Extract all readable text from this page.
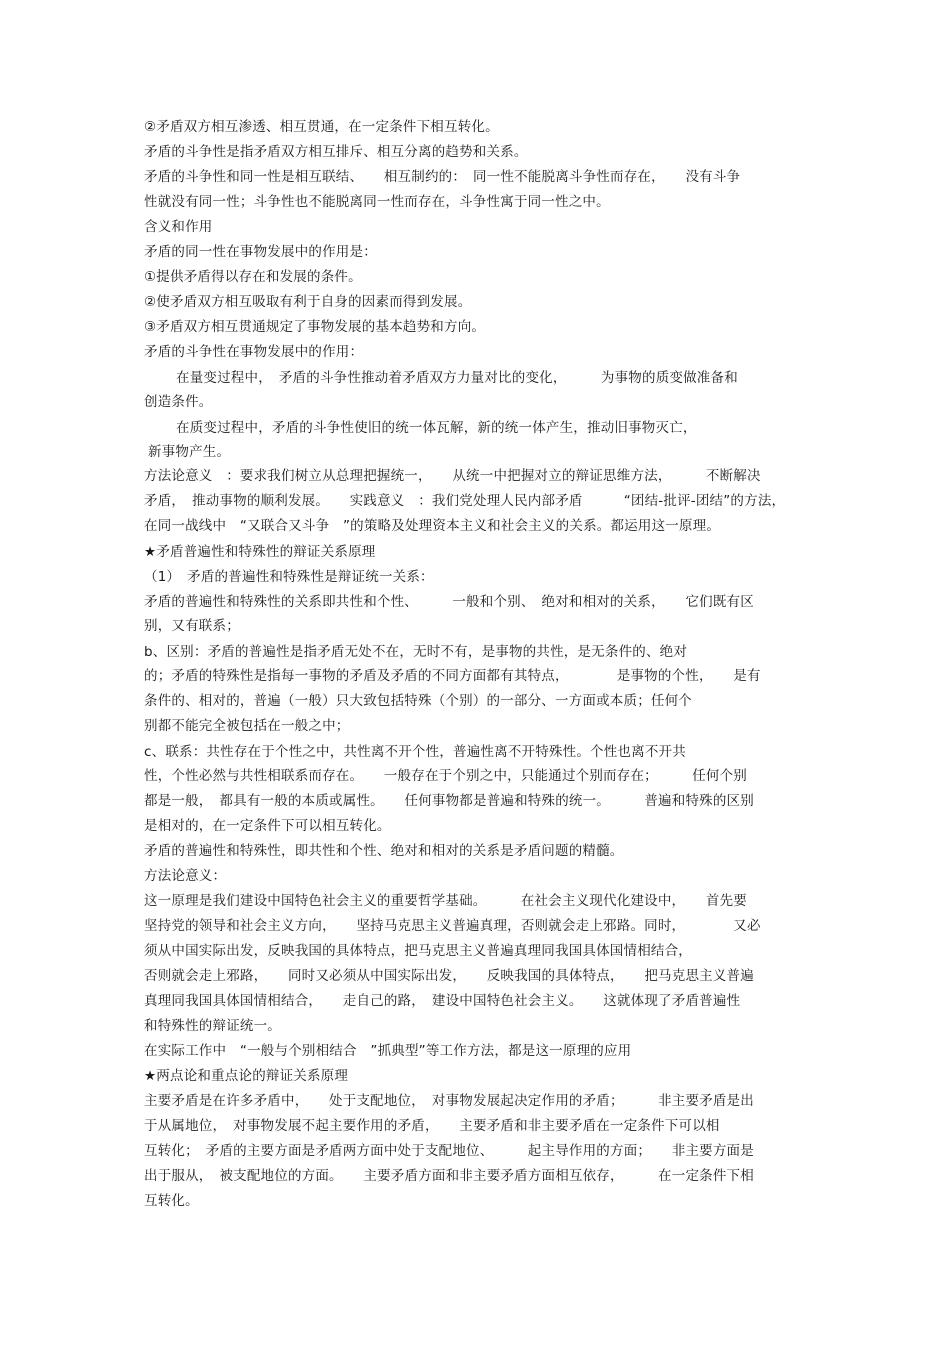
②矛盾双方相互渗透、相互贯通，在一定条件下相互转化。

矛盾的斗争性是指矛盾双方相互排斥、相互分离的趋势和关系。

矛盾的斗争性和同一性是相互联结、　　相互制约的：　同一性不能脱离斗争性而存在，　　没有斗争

性就没有同一性；斗争性也不能脱离同一性而存在，斗争性寓于同一性之中。

含义和作用

矛盾的同一性在事物发展中的作用是：

①提供矛盾得以存在和发展的条件。

②使矛盾双方相互吸取有利于自身的因素而得到发展。

③矛盾双方相互贯通规定了事物发展的基本趋势和方向。

矛盾的斗争性在事物发展中的作用：

在量变过程中，　矛盾的斗争性推动着矛盾双方力量对比的变化，　　　为事物的质变做准备和

创造条件。

在质变过程中，矛盾的斗争性使旧的统一体瓦解，新的统一体产生，推动旧事物灭亡，

新事物产生。

方法论意义　：要求我们树立从总理把握统一，　　从统一中把握对立的辩证思维方法，　　　不断解决

矛盾，　推动事物的顺利发展。　　实践意义　：我们党处理人民内部矛盾　　　“团结-批评-团结”的方法，

在同一战线中　“又联合又斗争　”的策略及处理资本主义和社会主义的关系。都运用这一原理。

★矛盾普遍性和特殊性的辩证关系原理

（1）　矛盾的普遍性和特殊性是辩证统一关系：

矛盾的普遍性和特殊性的关系即共性和个性、　　　一般和个别、　绝对和相对的关系，　　它们既有区

别，又有联系；

b、区别：矛盾的普遍性是指矛盾无处不在，无时不有，是事物的共性，是无条件的、绝对

的；矛盾的特殊性是指每一事物的矛盾及矛盾的不同方面都有其特点，　　　　是事物的个性，　　是有

条件的、相对的，普遍（一般）只大致包括特殊（个别）的一部分、一方面或本质；任何个

别都不能完全被包括在一般之中；

c、联系：共性存在于个性之中，共性离不开个性，普遍性离不开特殊性。个性也离不开共

性，个性必然与共性相联系而存在。　　一般存在于个别之中，只能通过个别而存在；　　　任何个别

都是一般，　都具有一般的本质或属性。　　任何事物都是普遍和特殊的统一。　　　普遍和特殊的区别

是相对的，在一定条件下可以相互转化。

矛盾的普遍性和特殊性，即共性和个性、绝对和相对的关系是矛盾问题的精髓。

方法论意义：

这一原理是我们建设中国特色社会主义的重要哲学基础。　　　在社会主义现代化建设中，　　首先要

坚持党的领导和社会主义方向，　　坚持马克思主义普遍真理，否则就会走上邪路。同时，　　　　又必

须从中国实际出发，反映我国的具体特点，把马克思主义普遍真理同我国具体国情相结合，

否则就会走上邪路，　　同时又必须从中国实际出发，　　反映我国的具体特点，　　把马克思主义普遍

真理同我国具体国情相结合，　　走自己的路，　建设中国特色社会主义。　　这就体现了矛盾普遍性

和特殊性的辩证统一。

在实际工作中　“一般与个别相结合　”抓典型”等工作方法，都是这一原理的应用

★两点论和重点论的辩证关系原理

主要矛盾是在许多矛盾中，　　处于支配地位，　对事物发展起决定作用的矛盾；　　　非主要矛盾是出

于从属地位，　对事物发展不起主要作用的矛盾，　　主要矛盾和非主要矛盾在一定条件下可以相

互转化；　矛盾的主要方面是矛盾两方面中处于支配地位、　　　起主导作用的方面；　　非主要方面是

出于服从，　被支配地位的方面。　　主要矛盾方面和非主要矛盾方面相互依存，　　　在一定条件下相

互转化。
